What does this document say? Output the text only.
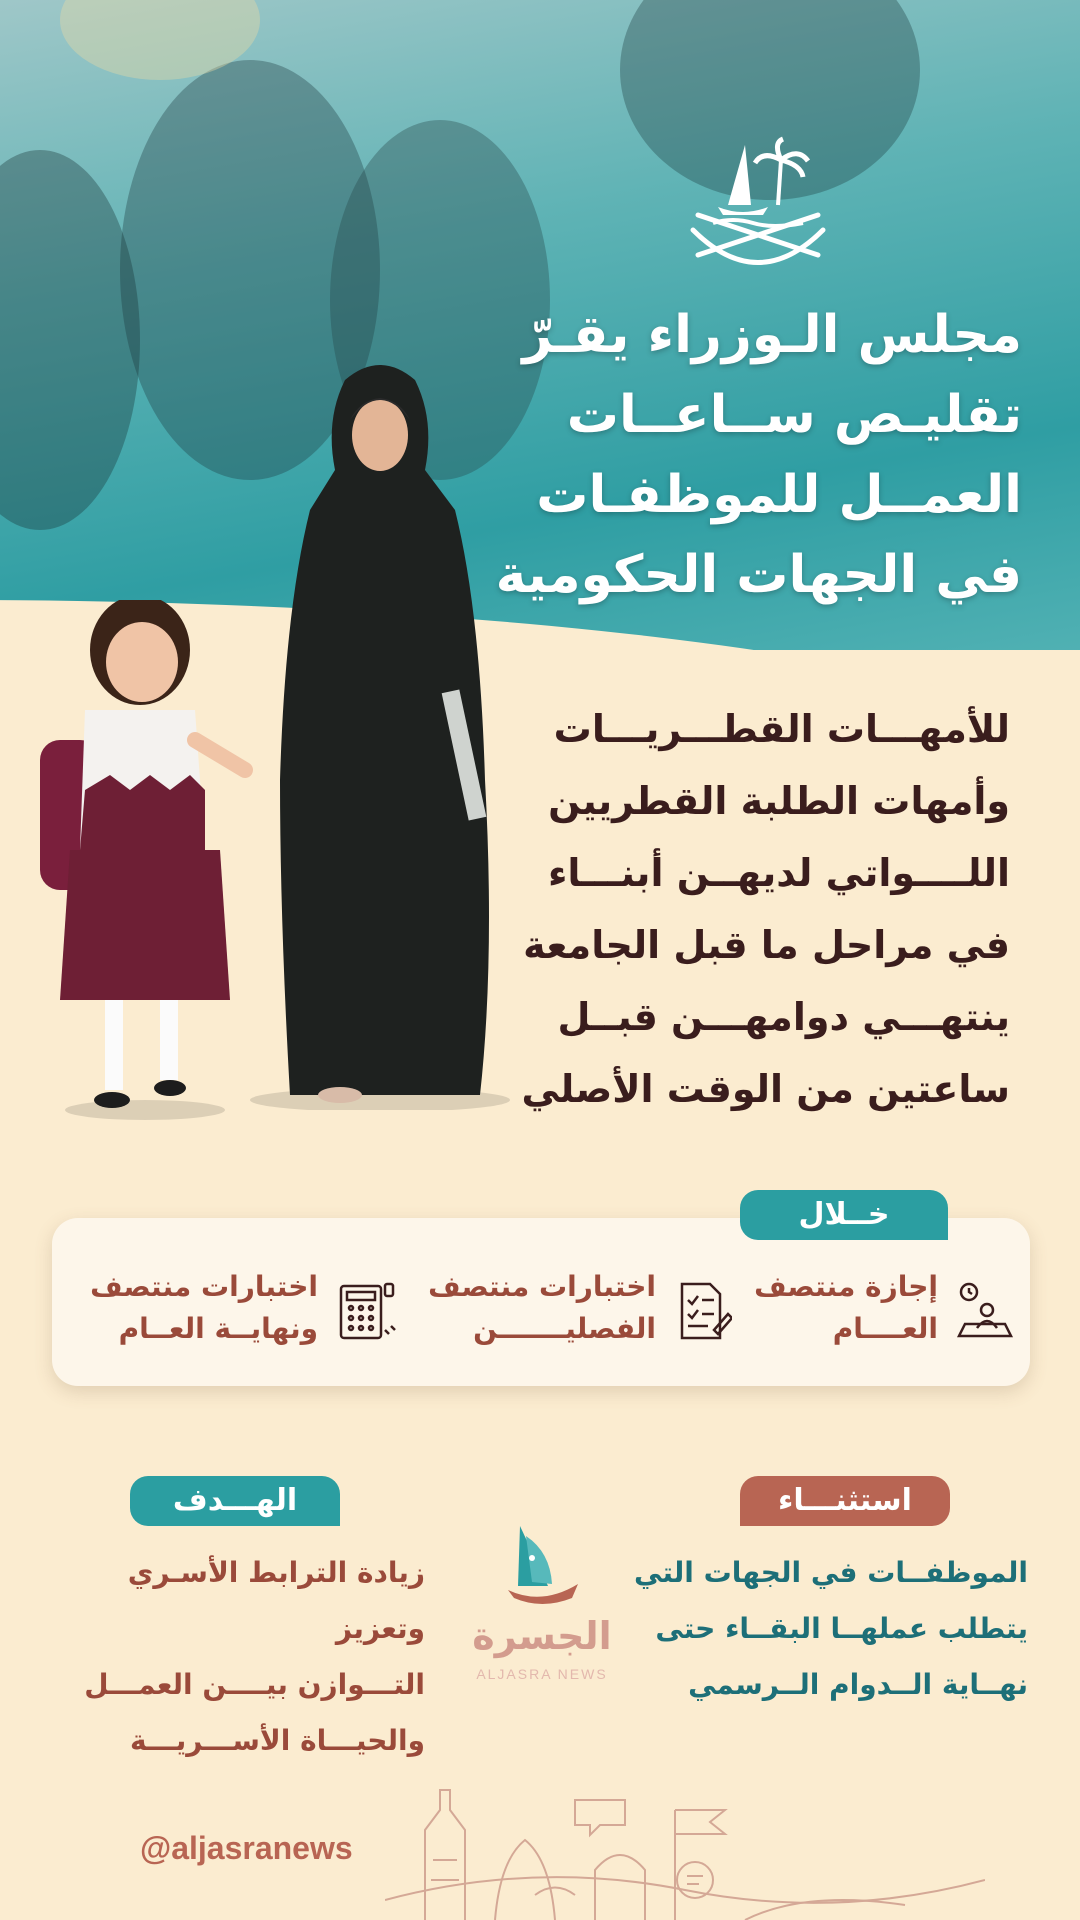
مجلس الـوزراء يقـرّ
تقليـص ســاعــات
العمــل للموظفـات
في الجهات الحكومية
للأمهـــات القطـــريـــات
وأمهات الطلبة القطريين
اللــــواتي لديهــن أبنـــاء
في مراحل ما قبل الجامعة
ينتهـــي دوامهـــن قبــل
ساعتين من الوقت الأصلي
خــلال
إجازة منتصف
العــــام
اختبارات منتصف
الفصليـــــــن
اختبارات منتصف
ونهايــة العــام
استثنـــاء
الموظفــات في الجهات التي
يتطلب عملهــا البقــاء حتى
نهــاية الــدوام الــرسمي
الهـــدف
زيادة الترابط الأسـري وتعزيز
التـــوازن بيــــن العمـــل
والحيـــاة الأســـريـــة
الجسرة
ALJASRA NEWS
@aljasranews
